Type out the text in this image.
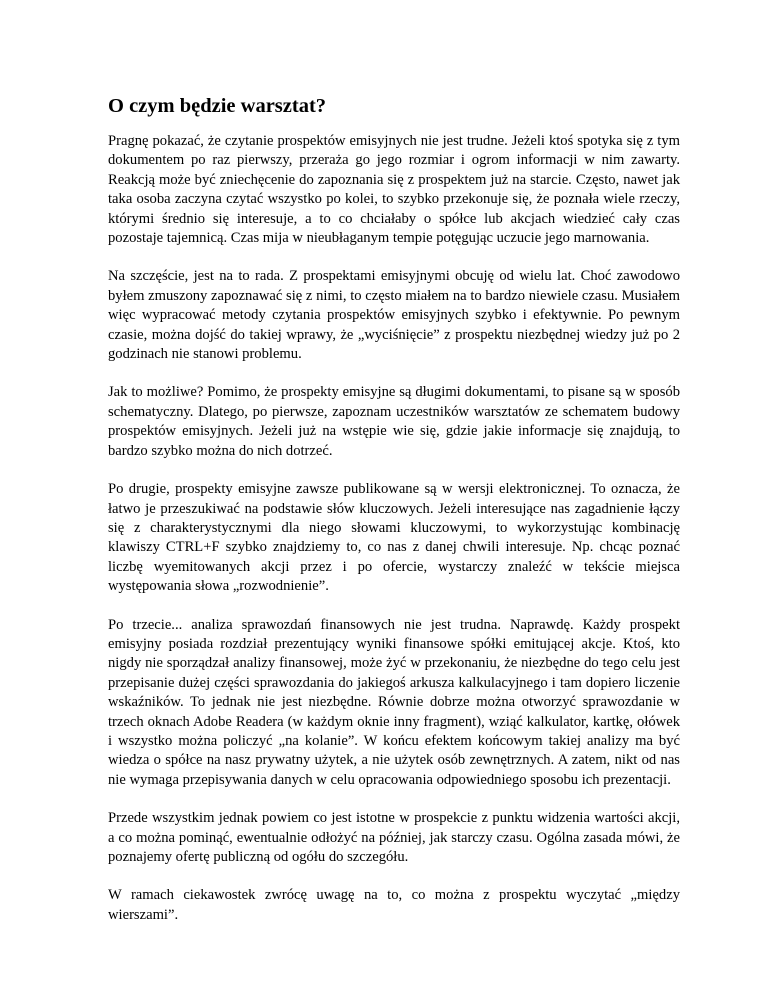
O czym będzie warsztat?

Pragnę pokazać, że czytanie prospektów emisyjnych nie jest trudne. Jeżeli ktoś spotyka się z tym dokumentem po raz pierwszy, przeraża go jego rozmiar i ogrom informacji w nim zawarty. Reakcją może być zniechęcenie do zapoznania się z prospektem już na starcie. Często, nawet jak taka osoba zaczyna czytać wszystko po kolei, to szybko przekonuje się, że poznała wiele rzeczy, którymi średnio się interesuje, a to co chciałaby o spółce lub akcjach wiedzieć cały czas pozostaje tajemnicą. Czas mija w nieubłaganym tempie potęgując uczucie jego marnowania.

Na szczęście, jest na to rada. Z prospektami emisyjnymi obcuję od wielu lat. Choć zawodowo byłem zmuszony zapoznawać się z nimi, to często miałem na to bardzo niewiele czasu. Musiałem więc wypracować metody czytania prospektów emisyjnych szybko i efektywnie. Po pewnym czasie, można dojść do takiej wprawy, że „wyciśnięcie” z prospektu niezbędnej wiedzy już po 2 godzinach nie stanowi problemu.

Jak to możliwe? Pomimo, że prospekty emisyjne są długimi dokumentami, to pisane są w sposób schematyczny. Dlatego, po pierwsze, zapoznam uczestników warsztatów ze schematem budowy prospektów emisyjnych. Jeżeli już na wstępie wie się, gdzie jakie informacje się znajdują, to bardzo szybko można do nich dotrzeć.

Po drugie, prospekty emisyjne zawsze publikowane są w wersji elektronicznej. To oznacza, że łatwo je przeszukiwać na podstawie słów kluczowych. Jeżeli interesujące nas zagadnienie łączy się z charakterystycznymi dla niego słowami kluczowymi, to wykorzystując kombinację klawiszy CTRL+F szybko znajdziemy to, co nas z danej chwili interesuje. Np. chcąc poznać liczbę wyemitowanych akcji przez i po ofercie, wystarczy znaleźć w tekście miejsca występowania słowa „rozwodnienie”.

Po trzecie... analiza sprawozdań finansowych nie jest trudna. Naprawdę. Każdy prospekt emisyjny posiada rozdział prezentujący wyniki finansowe spółki emitującej akcje. Ktoś, kto nigdy nie sporządzał analizy finansowej, może żyć w przekonaniu, że niezbędne do tego celu jest przepisanie dużej części sprawozdania do jakiegoś arkusza kalkulacyjnego i tam dopiero liczenie wskaźników. To jednak nie jest niezbędne. Równie dobrze można otworzyć sprawozdanie w trzech oknach Adobe Readera (w każdym oknie inny fragment), wziąć kalkulator, kartkę, ołówek i wszystko można policzyć „na kolanie”. W końcu efektem końcowym takiej analizy ma być wiedza o spółce na nasz prywatny użytek, a nie użytek osób zewnętrznych. A zatem, nikt od nas nie wymaga przepisywania danych w celu opracowania odpowiedniego sposobu ich prezentacji.

Przede wszystkim jednak powiem co jest istotne w prospekcie z punktu widzenia wartości akcji, a co można pominąć, ewentualnie odłożyć na później, jak starczy czasu. Ogólna zasada mówi, że poznajemy ofertę publiczną od ogółu do szczegółu.

W ramach ciekawostek zwrócę uwagę na to, co można z prospektu wyczytać „między wierszami”.
